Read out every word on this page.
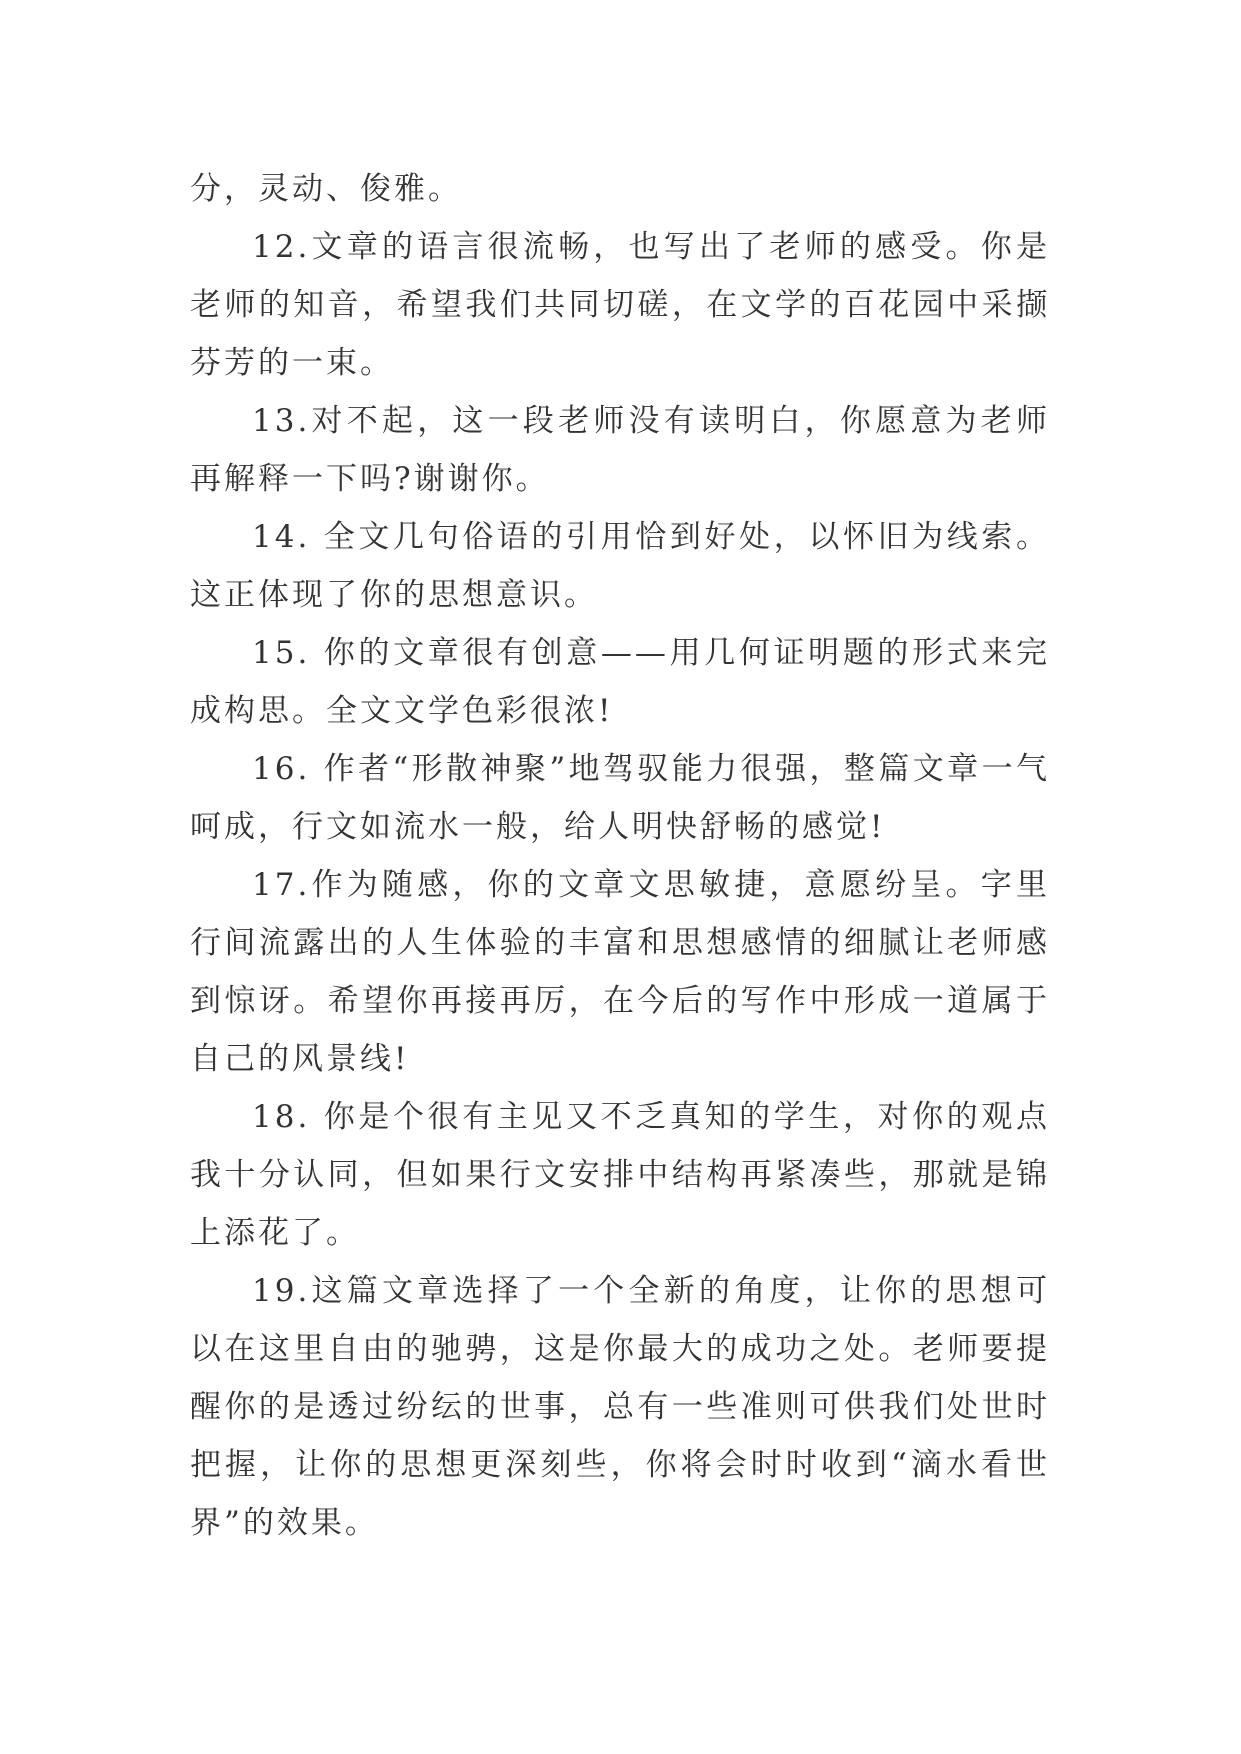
分，灵动、俊雅。

12.文章的语言很流畅，也写出了老师的感受。你是老师的知音，希望我们共同切磋，在文学的百花园中采撷芬芳的一束。

13.对不起，这一段老师没有读明白，你愿意为老师再解释一下吗?谢谢你。

14. 全文几句俗语的引用恰到好处，以怀旧为线索。这正体现了你的思想意识。

15. 你的文章很有创意——用几何证明题的形式来完成构思。全文文学色彩很浓!

16. 作者“形散神聚”地驾驭能力很强，整篇文章一气呵成，行文如流水一般，给人明快舒畅的感觉!

17.作为随感，你的文章文思敏捷，意愿纷呈。字里行间流露出的人生体验的丰富和思想感情的细腻让老师感到惊讶。希望你再接再厉，在今后的写作中形成一道属于自己的风景线!

18. 你是个很有主见又不乏真知的学生，对你的观点我十分认同，但如果行文安排中结构再紧凑些，那就是锦上添花了。

19.这篇文章选择了一个全新的角度，让你的思想可以在这里自由的驰骋，这是你最大的成功之处。老师要提醒你的是透过纷纭的世事，总有一些准则可供我们处世时把握，让你的思想更深刻些，你将会时时收到“滴水看世界”的效果。
